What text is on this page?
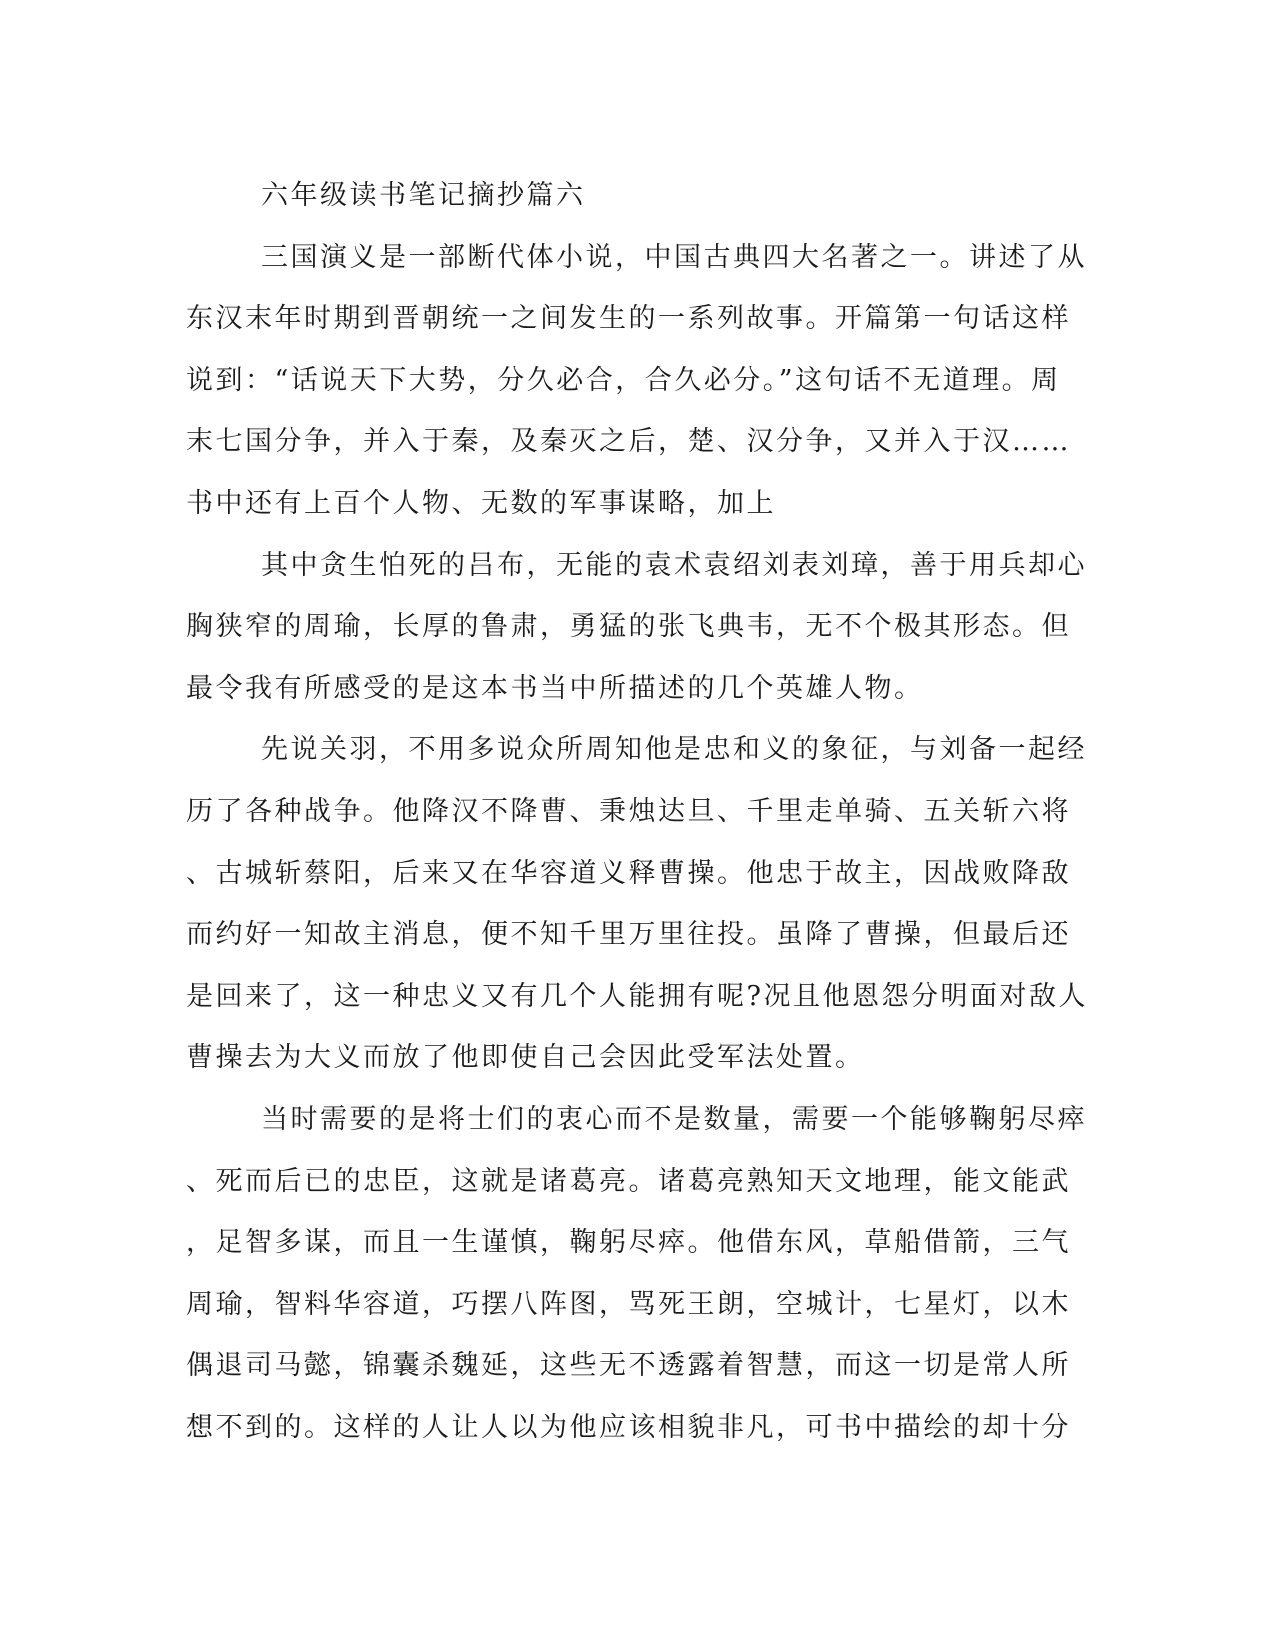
六年级读书笔记摘抄篇六
三国演义是一部断代体小说，中国古典四大名著之一。讲述了从
东汉末年时期到晋朝统一之间发生的一系列故事。开篇第一句话这样
说到：“话说天下大势，分久必合，合久必分。”这句话不无道理。周
末七国分争，并入于秦，及秦灭之后，楚、汉分争，又并入于汉……
书中还有上百个人物、无数的军事谋略，加上
其中贪生怕死的吕布，无能的袁术袁绍刘表刘璋，善于用兵却心
胸狭窄的周瑜，长厚的鲁肃，勇猛的张飞典韦，无不个极其形态。但
最令我有所感受的是这本书当中所描述的几个英雄人物。
先说关羽，不用多说众所周知他是忠和义的象征，与刘备一起经
历了各种战争。他降汉不降曹、秉烛达旦、千里走单骑、五关斩六将
、古城斩蔡阳，后来又在华容道义释曹操。他忠于故主，因战败降敌
而约好一知故主消息，便不知千里万里往投。虽降了曹操，但最后还
是回来了，这一种忠义又有几个人能拥有呢?况且他恩怨分明面对敌人
曹操去为大义而放了他即使自己会因此受军法处置。
当时需要的是将士们的衷心而不是数量，需要一个能够鞠躬尽瘁
、死而后已的忠臣，这就是诸葛亮。诸葛亮熟知天文地理，能文能武
，足智多谋，而且一生谨慎，鞠躬尽瘁。他借东风，草船借箭，三气
周瑜，智料华容道，巧摆八阵图，骂死王朗，空城计，七星灯，以木
偶退司马懿，锦囊杀魏延，这些无不透露着智慧，而这一切是常人所
想不到的。这样的人让人以为他应该相貌非凡，可书中描绘的却十分
